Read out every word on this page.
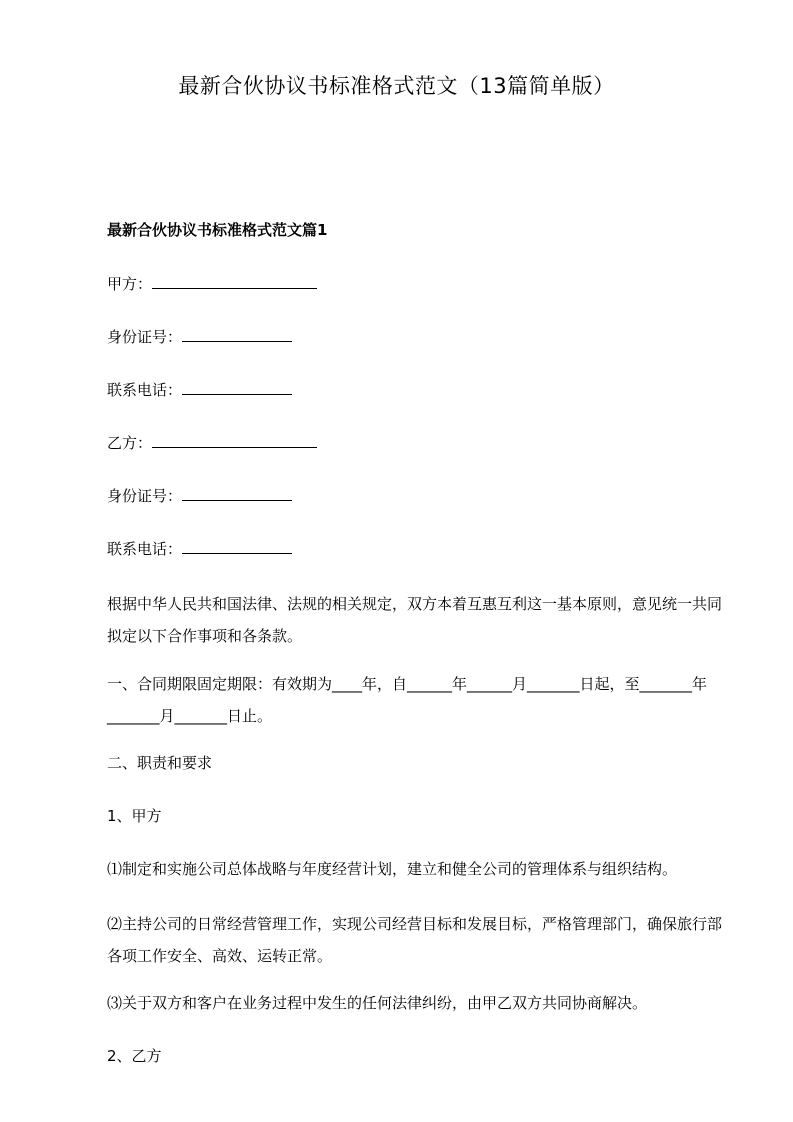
最新合伙协议书标准格式范文（13篇简单版）
最新合伙协议书标准格式范文篇1
甲方：
身份证号：
联系电话：
乙方：
身份证号：
联系电话：
根据中华人民共和国法律、法规的相关规定，双方本着互惠互利这一基本原则，意见统一共同拟定以下合作事项和各条款。
一、合同期限固定期限：有效期为____年，自______年______月_______日起，至_______年_______月_______日止。
二、职责和要求
1、甲方
⑴制定和实施公司总体战略与年度经营计划，建立和健全公司的管理体系与组织结构。
⑵主持公司的日常经营管理工作，实现公司经营目标和发展目标，严格管理部门，确保旅行部各项工作安全、高效、运转正常。
⑶关于双方和客户在业务过程中发生的任何法律纠纷，由甲乙双方共同协商解决。
2、乙方
